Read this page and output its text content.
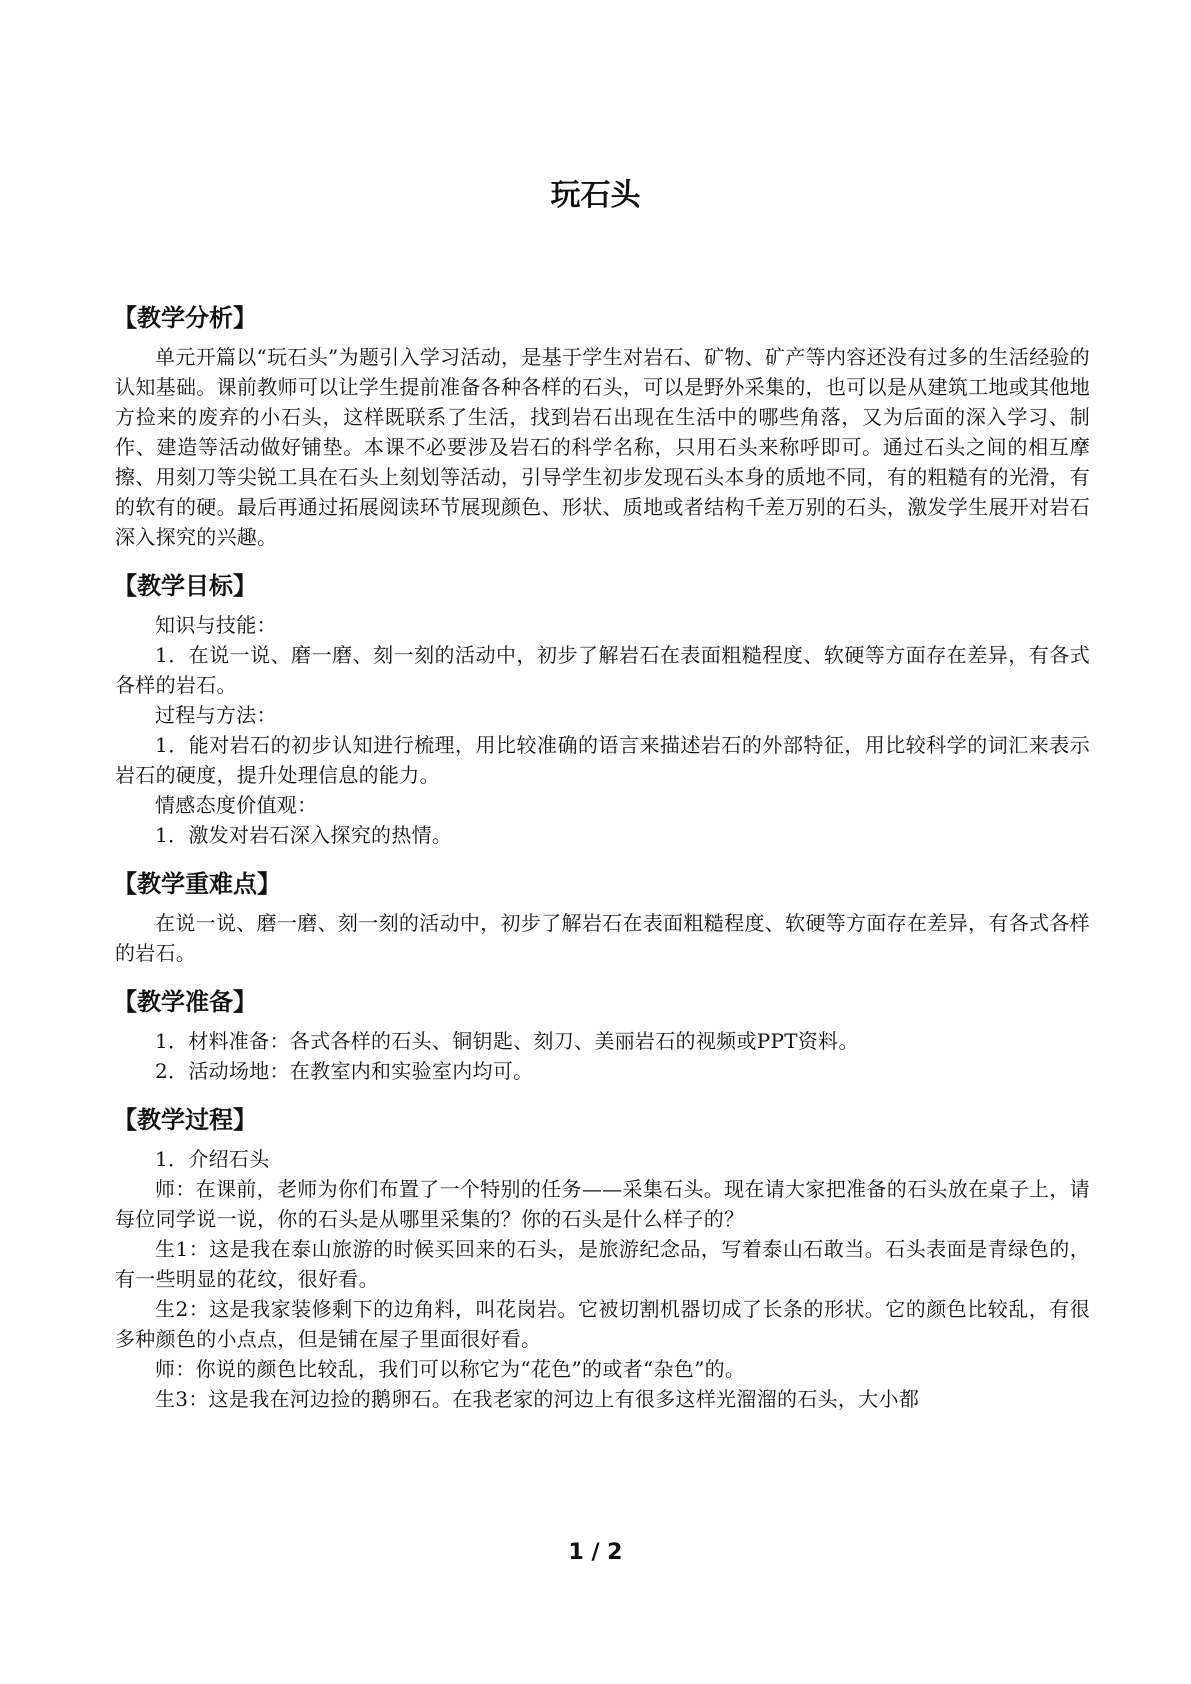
玩石头
【教学分析】

单元开篇以“玩石头”为题引入学习活动，是基于学生对岩石、矿物、矿产等内容还没有过多的生活经验的认知基础。课前教师可以让学生提前准备各种各样的石头，可以是野外采集的，也可以是从建筑工地或其他地方捡来的废弃的小石头，这样既联系了生活，找到岩石出现在生活中的哪些角落，又为后面的深入学习、制作、建造等活动做好铺垫。本课不必要涉及岩石的科学名称，只用石头来称呼即可。通过石头之间的相互摩擦、用刻刀等尖锐工具在石头上刻划等活动，引导学生初步发现石头本身的质地不同，有的粗糙有的光滑，有的软有的硬。最后再通过拓展阅读环节展现颜色、形状、质地或者结构千差万别的石头，激发学生展开对岩石深入探究的兴趣。

【教学目标】

知识与技能：

1．在说一说、磨一磨、刻一刻的活动中，初步了解岩石在表面粗糙程度、软硬等方面存在差异，有各式各样的岩石。

过程与方法：

1．能对岩石的初步认知进行梳理，用比较准确的语言来描述岩石的外部特征，用比较科学的词汇来表示岩石的硬度，提升处理信息的能力。

情感态度价值观：

1．激发对岩石深入探究的热情。

【教学重难点】

在说一说、磨一磨、刻一刻的活动中，初步了解岩石在表面粗糙程度、软硬等方面存在差异，有各式各样的岩石。

【教学准备】

1．材料准备：各式各样的石头、铜钥匙、刻刀、美丽岩石的视频或PPT资料。

2．活动场地：在教室内和实验室内均可。

【教学过程】

1．介绍石头

师：在课前，老师为你们布置了一个特别的任务——采集石头。现在请大家把准备的石头放在桌子上，请每位同学说一说，你的石头是从哪里采集的？你的石头是什么样子的？

生1：这是我在泰山旅游的时候买回来的石头，是旅游纪念品，写着泰山石敢当。石头表面是青绿色的，有一些明显的花纹，很好看。

生2：这是我家装修剩下的边角料，叫花岗岩。它被切割机器切成了长条的形状。它的颜色比较乱，有很多种颜色的小点点，但是铺在屋子里面很好看。

师：你说的颜色比较乱，我们可以称它为“花色”的或者“杂色”的。

生3：这是我在河边捡的鹅卵石。在我老家的河边上有很多这样光溜溜的石头，大小都

1 / 2
